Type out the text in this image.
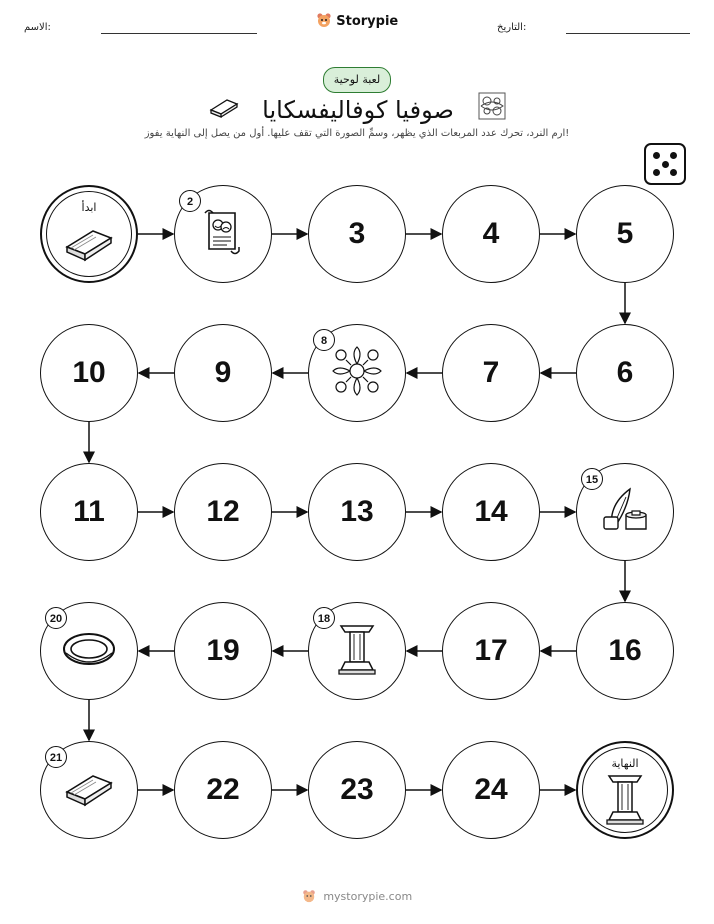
التاريخ:
الاسم:	Storypie
لعبة لوحية
صوفيا كوفاليفسكايا
ارم النرد، تحرك عدد المربعات الذي يظهر، وسمِّ الصورة التي تقف عليها. أول من يصل إلى النهاية يفوز!
ابدأ	2
3	4	5
6
7
8
9
10
11	12	13	14
15
16
17
18
19
20
21
22	23	24
النهاية
mystorypie.com
